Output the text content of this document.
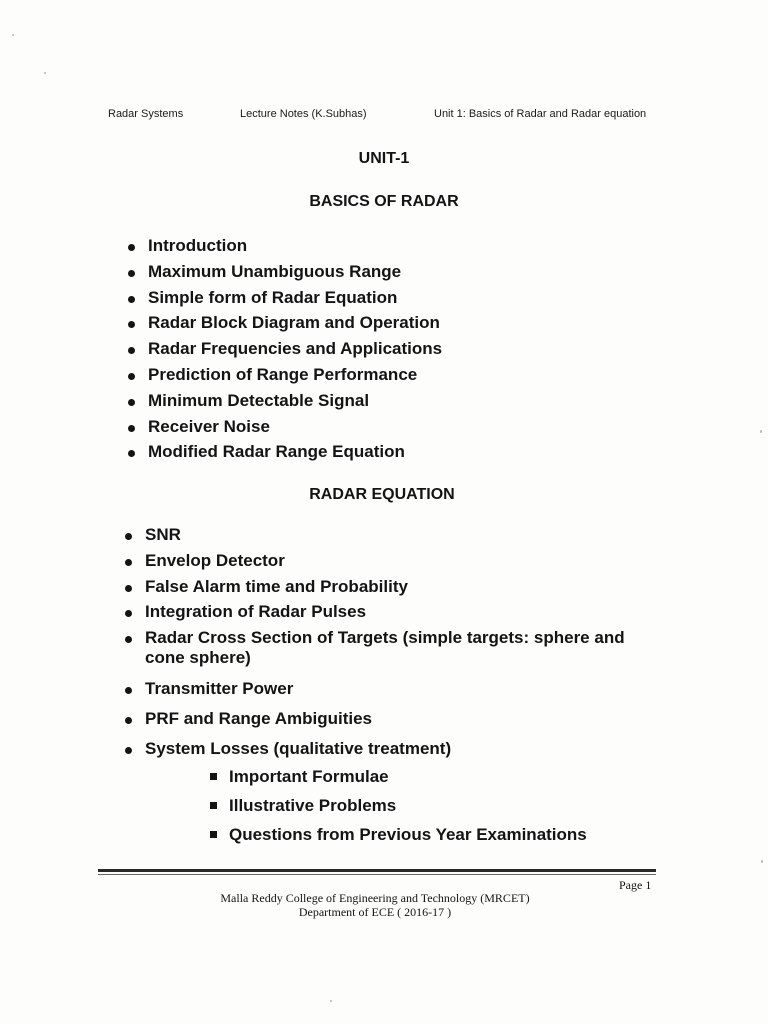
Radar Systems	Lecture Notes (K.Subhas)	Unit 1: Basics of Radar and Radar equation
UNIT-1
BASICS OF RADAR
Introduction
Maximum Unambiguous Range
Simple form of Radar Equation
Radar Block Diagram and Operation
Radar Frequencies and Applications
Prediction of Range Performance
Minimum Detectable Signal
Receiver Noise
Modified Radar Range Equation
RADAR EQUATION
SNR
Envelop Detector
False Alarm time and Probability
Integration of Radar Pulses
Radar Cross Section of Targets (simple targets: sphere and cone sphere)
Transmitter Power
PRF and Range Ambiguities
System Losses (qualitative treatment)
Important Formulae
Illustrative Problems
Questions from Previous Year Examinations
Page 1
Malla Reddy College of Engineering and Technology (MRCET)
Department of ECE ( 2016-17 )
